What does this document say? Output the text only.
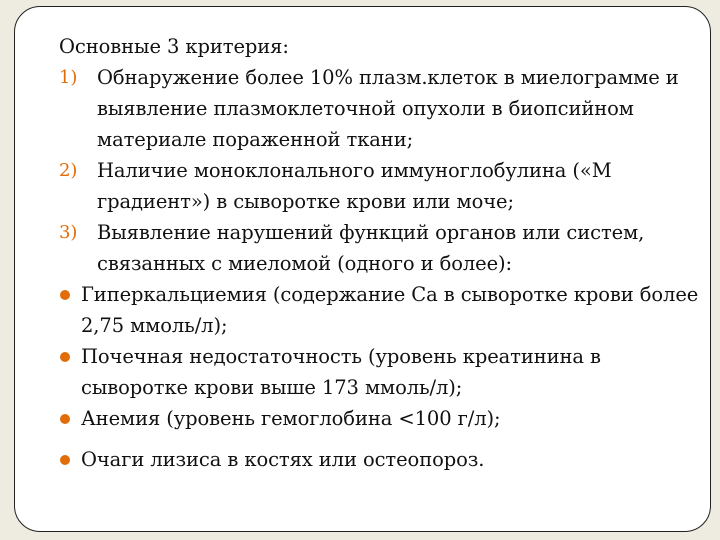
Основные 3 критерия:

1) Обнаружение более 10% плазм.клеток в миелограмме и выявление плазмоклеточной опухоли в биопсийном материале пораженной ткани;
2) Наличие моноклонального иммуноглобулина («М градиент») в сыворотке крови или моче;
3) Выявление нарушений функций органов или систем, связанных с миеломой (одного и более):
Гиперкальциемия (содержание Са в сыворотке крови более 2,75 ммоль/л);
Почечная недостаточность (уровень креатинина в сыворотке крови выше 173 ммоль/л);
Анемия (уровень гемоглобина <100 г/л);
Очаги лизиса в костях или остеопороз.
